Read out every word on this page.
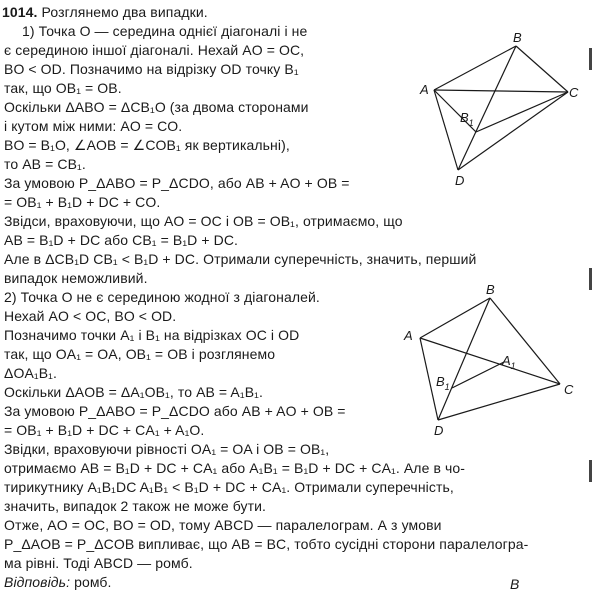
1014. Розглянемо два випадки.
1) Точка O — середина однієї діагоналі і не
є серединою іншої діагоналі. Нехай AO = OC,
BO < OD. Позначимо на відрізку OD точку B₁
так, що OB₁ = OB.
Оскільки ΔABO = ΔCB₁O (за двома сторонами
і кутом між ними: AO = CO.
BO = B₁O, ∠AOB = ∠COB₁ як вертикальні),
то AB = CB₁.
За умовою P_ΔABO = P_ΔCDO, або AB + AO + OB =
= OB₁ + B₁D + DC + CO.
Звідси, враховуючи, що AO = OC і OB = OB₁, отримаємо, що
AB = B₁D + DC або CB₁ = B₁D + DC.
Але в ΔCB₁D CB₁ < B₁D + DC. Отримали суперечність, значить, перший
випадок неможливий.
2) Точка O не є серединою жодної з діагоналей.
Нехай AO < OC, BO < OD.
Позначимо точки A₁ і B₁ на відрізках OC і OD
так, що OA₁ = OA, OB₁ = OB і розглянемо
ΔOA₁B₁.
Оскільки ΔAOB = ΔA₁OB₁, то AB = A₁B₁.
За умовою P_ΔABO = P_ΔCDO або AB + AO + OB =
= OB₁ + B₁D + DC + CA₁ + A₁O.
Звідки, враховуючи рівності OA₁ = OA і OB = OB₁,
отримаємо AB = B₁D + DC + CA₁ або A₁B₁ = B₁D + DC + CA₁. Але в чо-
тирикутнику A₁B₁DC A₁B₁ < B₁D + DC + CA₁. Отримали суперечність,
значить, випадок 2 також не може бути.
Отже, AO = OC, BO = OD, тому ABCD — паралелограм. А з умови
P_ΔAOB = P_ΔCOB випливає, що AB = BC, тобто сусідні сторони паралелогра-
ма рівні. Тоді ABCD — ромб.
Відповідь: ромб.
A
B
C
D
$B_1$
A
B
C
D
$A_1$
$B_1$
B
